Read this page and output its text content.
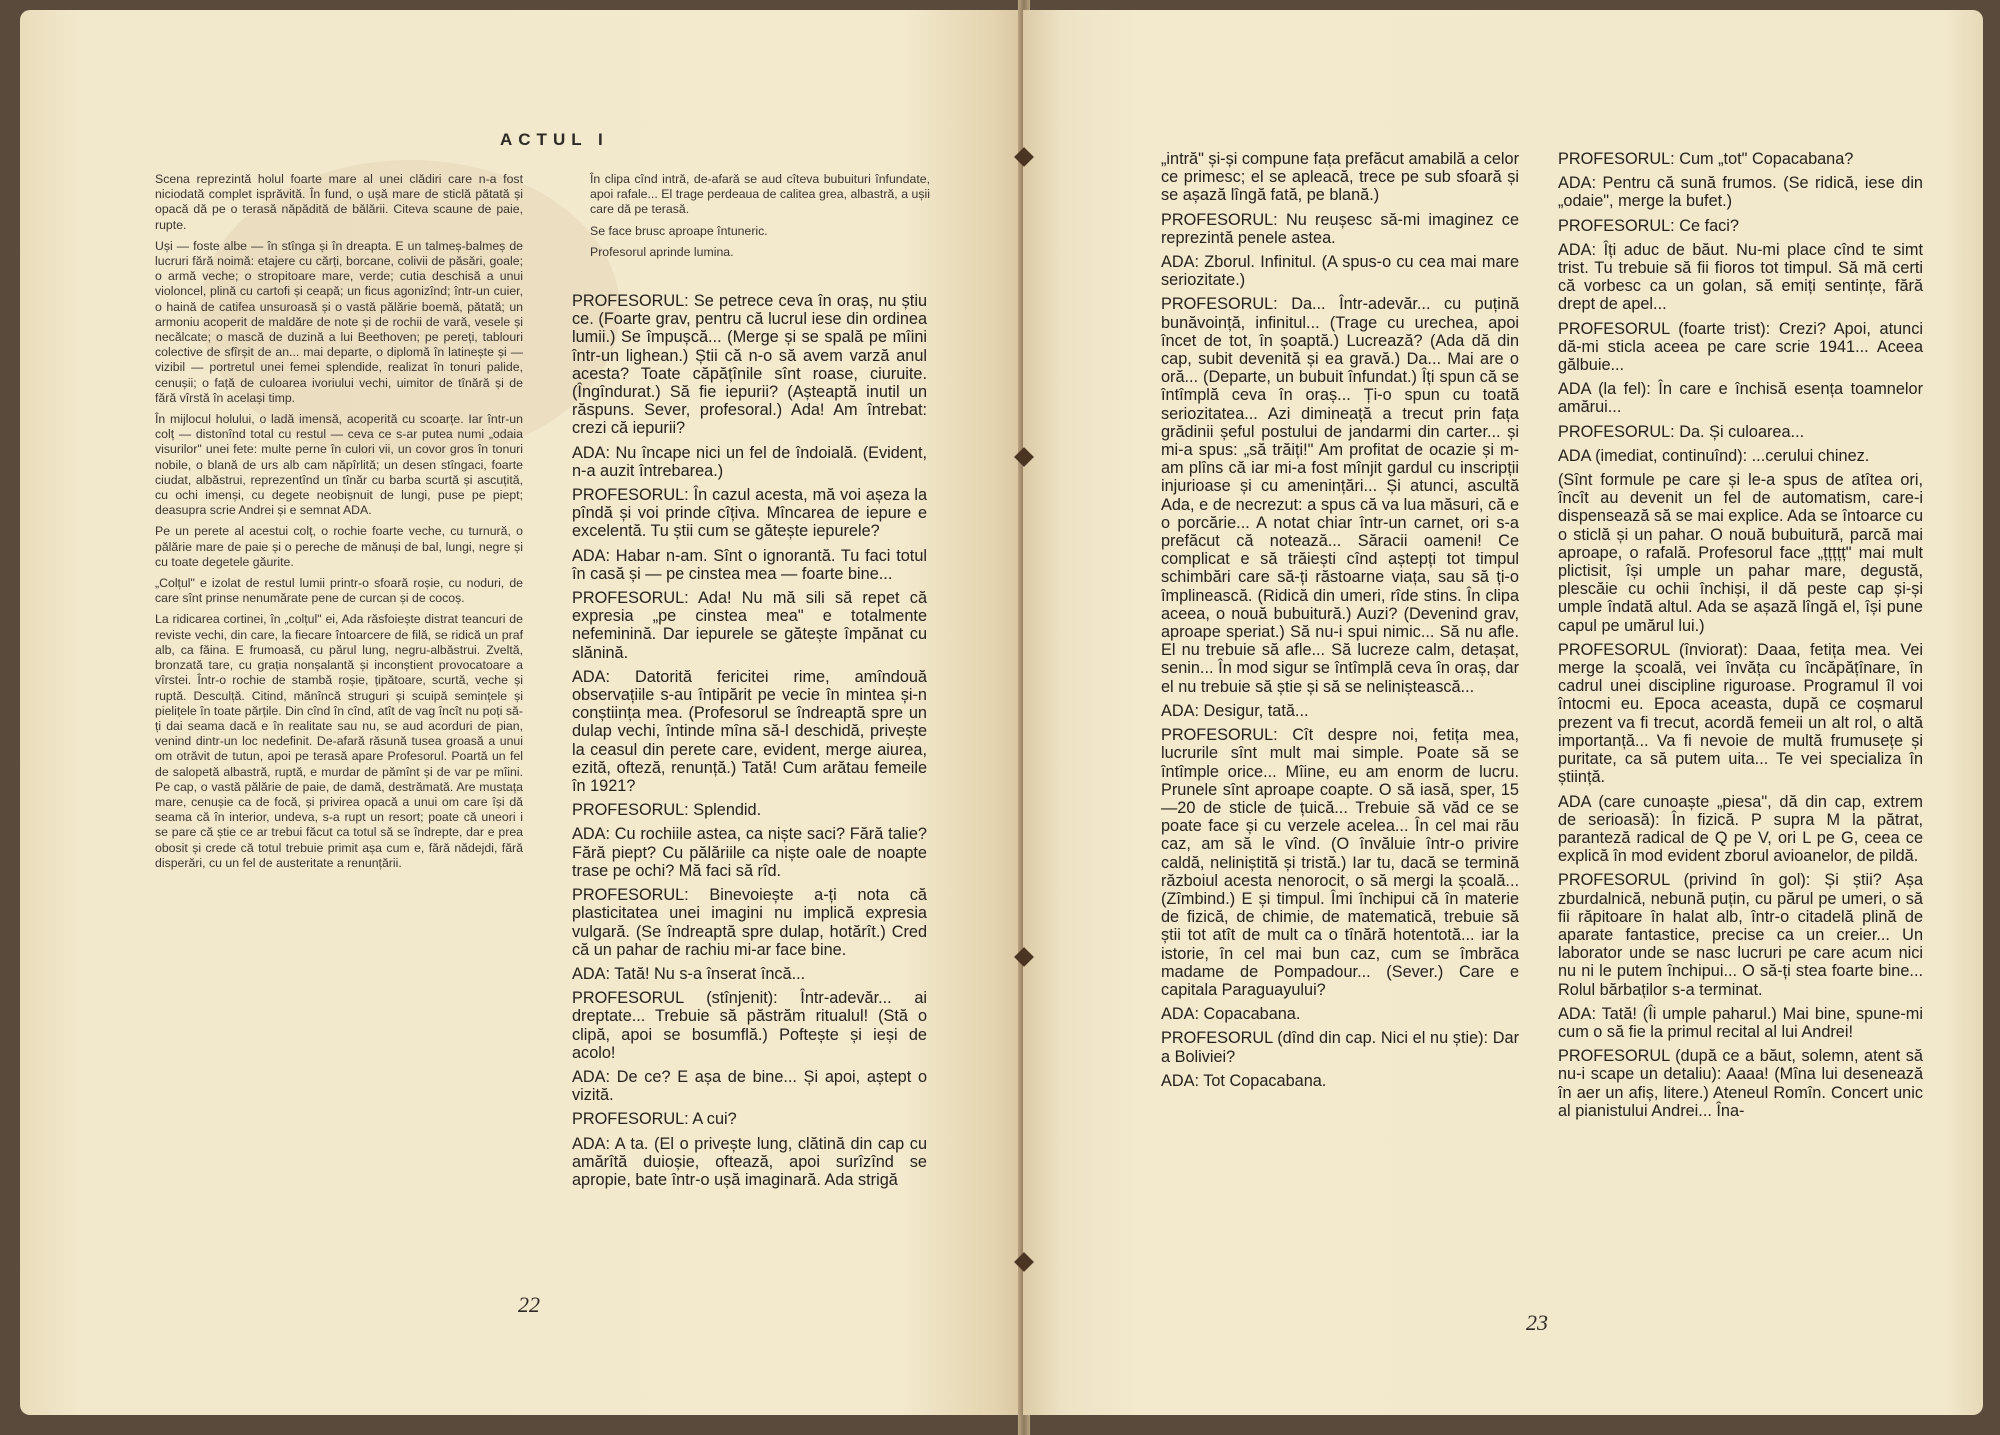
ACTUL I

Scena reprezintă holul foarte mare al unei clădiri care n-a fost niciodată complet isprăvită. În fund, o ușă mare de sticlă pătată și opacă dă pe o terasă năpădită de bălării. Citeva scaune de paie, rupte.

Uși — foste albe — în stînga și în dreapta. E un talmeș-balmeș de lucruri fără noimă: etajere cu cărți, borcane, colivii de păsări, goale; o armă veche; o stropitoare mare, verde; cutia deschisă a unui violoncel, plină cu cartofi și ceapă; un ficus agonizînd; într-un cuier, o haină de catifea unsuroasă și o vastă pălărie boemă, pătată; un armoniu acoperit de maldăre de note și de rochii de vară, vesele și necălcate; o mască de duzină a lui Beethoven; pe pereți, tablouri colective de sfîrșit de an... mai departe, o diplomă în latinește și — vizibil — portretul unei femei splendide, realizat în tonuri palide, cenușii; o față de culoarea ivoriului vechi, uimitor de tînără și de fără vîrstă în același timp.

În mijlocul holului, o ladă imensă, acoperită cu scoarțe. Iar într-un colț — distonînd total cu restul — ceva ce s-ar putea numi „odaia visurilor" unei fete: multe perne în culori vii, un covor gros în tonuri nobile, o blană de urs alb cam năpîrlită; un desen stîngaci, foarte ciudat, albăstrui, reprezentînd un tînăr cu barba scurtă și ascuțită, cu ochi imenși, cu degete neobișnuit de lungi, puse pe piept; deasupra scrie Andrei și e semnat ADA.

Pe un perete al acestui colț, o rochie foarte veche, cu turnură, o pălărie mare de paie și o pereche de mănuși de bal, lungi, negre și cu toate degetele găurite.

„Colțul" e izolat de restul lumii printr-o sfoară roșie, cu noduri, de care sînt prinse nenumărate pene de curcan și de cocoș.

La ridicarea cortinei, în „colțul" ei, Ada răsfoiește distrat teancuri de reviste vechi, din care, la fiecare întoarcere de filă, se ridică un praf alb, ca făina. E frumoasă, cu părul lung, negru-albăstrui. Zveltă, bronzată tare, cu grația nonșalantă și inconștient provocatoare a vîrstei. Într-o rochie de stambă roșie, țipătoare, scurtă, veche și ruptă. Desculță. Citind, mănîncă struguri și scuipă semințele și pielițele în toate părțile. Din cînd în cînd, atît de vag încît nu poți să-ți dai seama dacă e în realitate sau nu, se aud acorduri de pian, venind dintr-un loc nedefinit. De-afară răsună tusea groasă a unui om otrăvit de tutun, apoi pe terasă apare Profesorul. Poartă un fel de salopetă albastră, ruptă, e murdar de pămînt și de var pe mîini. Pe cap, o vastă pălărie de paie, de damă, destrămată. Are mustața mare, cenușie ca de focă, și privirea opacă a unui om care își dă seama că în interior, undeva, s-a rupt un resort; poate că uneori i se pare că știe ce ar trebui făcut ca totul să se îndrepte, dar e prea obosit și crede că totul trebuie primit așa cum e, fără nădejdi, fără disperări, cu un fel de austeritate a renunțării.

În clipa cînd intră, de-afară se aud cîteva bubuituri înfundate, apoi rafale... El trage perdeaua de calitea grea, albastră, a ușii care dă pe terasă.

Se face brusc aproape întuneric.

Profesorul aprinde lumina.

PROFESORUL: Se petrece ceva în oraș, nu știu ce. (Foarte grav, pentru că lucrul iese din ordinea lumii.) Se împușcă... (Merge și se spală pe mîini într-un lighean.) Știi că n-o să avem varză anul acesta? Toate căpățînile sînt roase, ciuruite. (Îngîndurat.) Să fie iepurii? (Așteaptă inutil un răspuns. Sever, profesoral.) Ada! Am întrebat: crezi că iepurii?

ADA: Nu încape nici un fel de îndoială. (Evident, n-a auzit întrebarea.)

PROFESORUL: În cazul acesta, mă voi așeza la pîndă și voi prinde cîțiva. Mîncarea de iepure e excelentă. Tu știi cum se gătește iepurele?

ADA: Habar n-am. Sînt o ignorantă. Tu faci totul în casă și — pe cinstea mea — foarte bine...

PROFESORUL: Ada! Nu mă sili să repet că expresia „pe cinstea mea" e totalmente nefeminină. Dar iepurele se gătește împănat cu slănină.

ADA: Datorită fericitei rime, amîndouă observațiile s-au întipărit pe vecie în mintea și-n conștiința mea. (Profesorul se îndreaptă spre un dulap vechi, întinde mîna să-l deschidă, privește la ceasul din perete care, evident, merge aiurea, ezită, ofteză, renunță.) Tată! Cum arătau femeile în 1921?

PROFESORUL: Splendid.

ADA: Cu rochiile astea, ca niște saci? Fără talie? Fără piept? Cu pălăriile ca niște oale de noapte trase pe ochi? Mă faci să rîd.

PROFESORUL: Binevoiește a-ți nota că plasticitatea unei imagini nu implică expresia vulgară. (Se îndreaptă spre dulap, hotărît.) Cred că un pahar de rachiu mi-ar face bine.

ADA: Tată! Nu s-a înserat încă...

PROFESORUL (stînjenit): Într-adevăr... ai dreptate... Trebuie să păstrăm ritualul! (Stă o clipă, apoi se bosumflă.) Poftește și ieși de acolo!

ADA: De ce? E așa de bine... Și apoi, aștept o vizită.

PROFESORUL: A cui?

ADA: A ta. (El o privește lung, clătină din cap cu amărîtă duioșie, oftează, apoi surîzînd se apropie, bate într-o ușă imaginară. Ada strigă

22

„intră" și-și compune fața prefăcut amabilă a celor ce primesc; el se apleacă, trece pe sub sfoară și se așază lîngă fată, pe blană.)

PROFESORUL: Nu reușesc să-mi imaginez ce reprezintă penele astea.

ADA: Zborul. Infinitul. (A spus-o cu cea mai mare seriozitate.)

PROFESORUL: Da... Într-adevăr... cu puțină bunăvoință, infinitul... (Trage cu urechea, apoi încet de tot, în șoaptă.) Lucrează? (Ada dă din cap, subit devenită și ea gravă.) Da... Mai are o oră... (Departe, un bubuit înfundat.) Îți spun că se întîmplă ceva în oraș... Ți-o spun cu toată seriozitatea... Azi dimineață a trecut prin fața grădinii șeful postului de jandarmi din carter... și mi-a spus: „să trăiți!" Am profitat de ocazie și m-am plîns că iar mi-a fost mînjit gardul cu inscripții injurioase și cu amenințări... Și atunci, ascultă Ada, e de necrezut: a spus că va lua măsuri, că e o porcărie... A notat chiar într-un carnet, ori s-a prefăcut că notează... Săracii oameni! Ce complicat e să trăiești cînd aștepți tot timpul schimbări care să-ți răstoarne viața, sau să ți-o împlinească. (Ridică din umeri, rîde stins. În clipa aceea, o nouă bubuitură.) Auzi? (Devenind grav, aproape speriat.) Să nu-i spui nimic... Să nu afle. El nu trebuie să afle... Să lucreze calm, detașat, senin... În mod sigur se întîmplă ceva în oraș, dar el nu trebuie să știe și să se neliniștească...

ADA: Desigur, tată...

PROFESORUL: Cît despre noi, fetița mea, lucrurile sînt mult mai simple. Poate să se întîmple orice... Mîine, eu am enorm de lucru. Prunele sînt aproape coapte. O să iasă, sper, 15—20 de sticle de țuică... Trebuie să văd ce se poate face și cu verzele acelea... În cel mai rău caz, am să le vînd. (O învăluie într-o privire caldă, neliniștită și tristă.) Iar tu, dacă se termină războiul acesta nenorocit, o să mergi la școală... (Zîmbind.) E și timpul. Îmi închipui că în materie de fizică, de chimie, de matematică, trebuie să știi tot atît de mult ca o tînără hotentotă... iar la istorie, în cel mai bun caz, cum se îmbrăca madame de Pompadour... (Sever.) Care e capitala Paraguayului?

ADA: Copacabana.

PROFESORUL (dînd din cap. Nici el nu știe): Dar a Boliviei?

ADA: Tot Copacabana.

PROFESORUL: Cum „tot" Copacabana?

ADA: Pentru că sună frumos. (Se ridică, iese din „odaie", merge la bufet.)

PROFESORUL: Ce faci?

ADA: Îți aduc de băut. Nu-mi place cînd te simt trist. Tu trebuie să fii fioros tot timpul. Să mă certi că vorbesc ca un golan, să emiți sentințe, fără drept de apel...

PROFESORUL (foarte trist): Crezi? Apoi, atunci dă-mi sticla aceea pe care scrie 1941... Aceea gălbuie...

ADA (la fel): În care e închisă esența toamnelor amărui...

PROFESORUL: Da. Și culoarea...

ADA (imediat, continuînd): ...cerului chinez.

(Sînt formule pe care și le-a spus de atîtea ori, încît au devenit un fel de automatism, care-i dispensează să se mai explice. Ada se întoarce cu o sticlă și un pahar. O nouă bubuitură, parcă mai aproape, o rafală. Profesorul face „țțțțț" mai mult plictisit, își umple un pahar mare, degustă, plescăie cu ochii închiși, il dă peste cap și-și umple îndată altul. Ada se așază lîngă el, își pune capul pe umărul lui.)

PROFESORUL (înviorat): Daaa, fetița mea. Vei merge la școală, vei învăța cu încăpățînare, în cadrul unei discipline riguroase. Programul îl voi întocmi eu. Epoca aceasta, după ce coșmarul prezent va fi trecut, acordă femeii un alt rol, o altă importanță... Va fi nevoie de multă frumusețe și puritate, ca să putem uita... Te vei specializa în știință.

ADA (care cunoaște „piesa", dă din cap, extrem de serioasă): În fizică. P supra M la pătrat, paranteză radical de Q pe V, ori L pe G, ceea ce explică în mod evident zborul avioanelor, de pildă.

PROFESORUL (privind în gol): Și știi? Așa zburdalnică, nebună puțin, cu părul pe umeri, o să fii răpitoare în halat alb, într-o citadelă plină de aparate fantastice, precise ca un creier... Un laborator unde se nasc lucruri pe care acum nici nu ni le putem închipui... O să-ți stea foarte bine... Rolul bărbaților s-a terminat.

ADA: Tată! (Îi umple paharul.) Mai bine, spune-mi cum o să fie la primul recital al lui Andrei!

PROFESORUL (după ce a băut, solemn, atent să nu-i scape un detaliu): Aaaa! (Mîna lui desenează în aer un afiș, litere.) Ateneul Romîn. Concert unic al pianistului Andrei... Îna-

23
